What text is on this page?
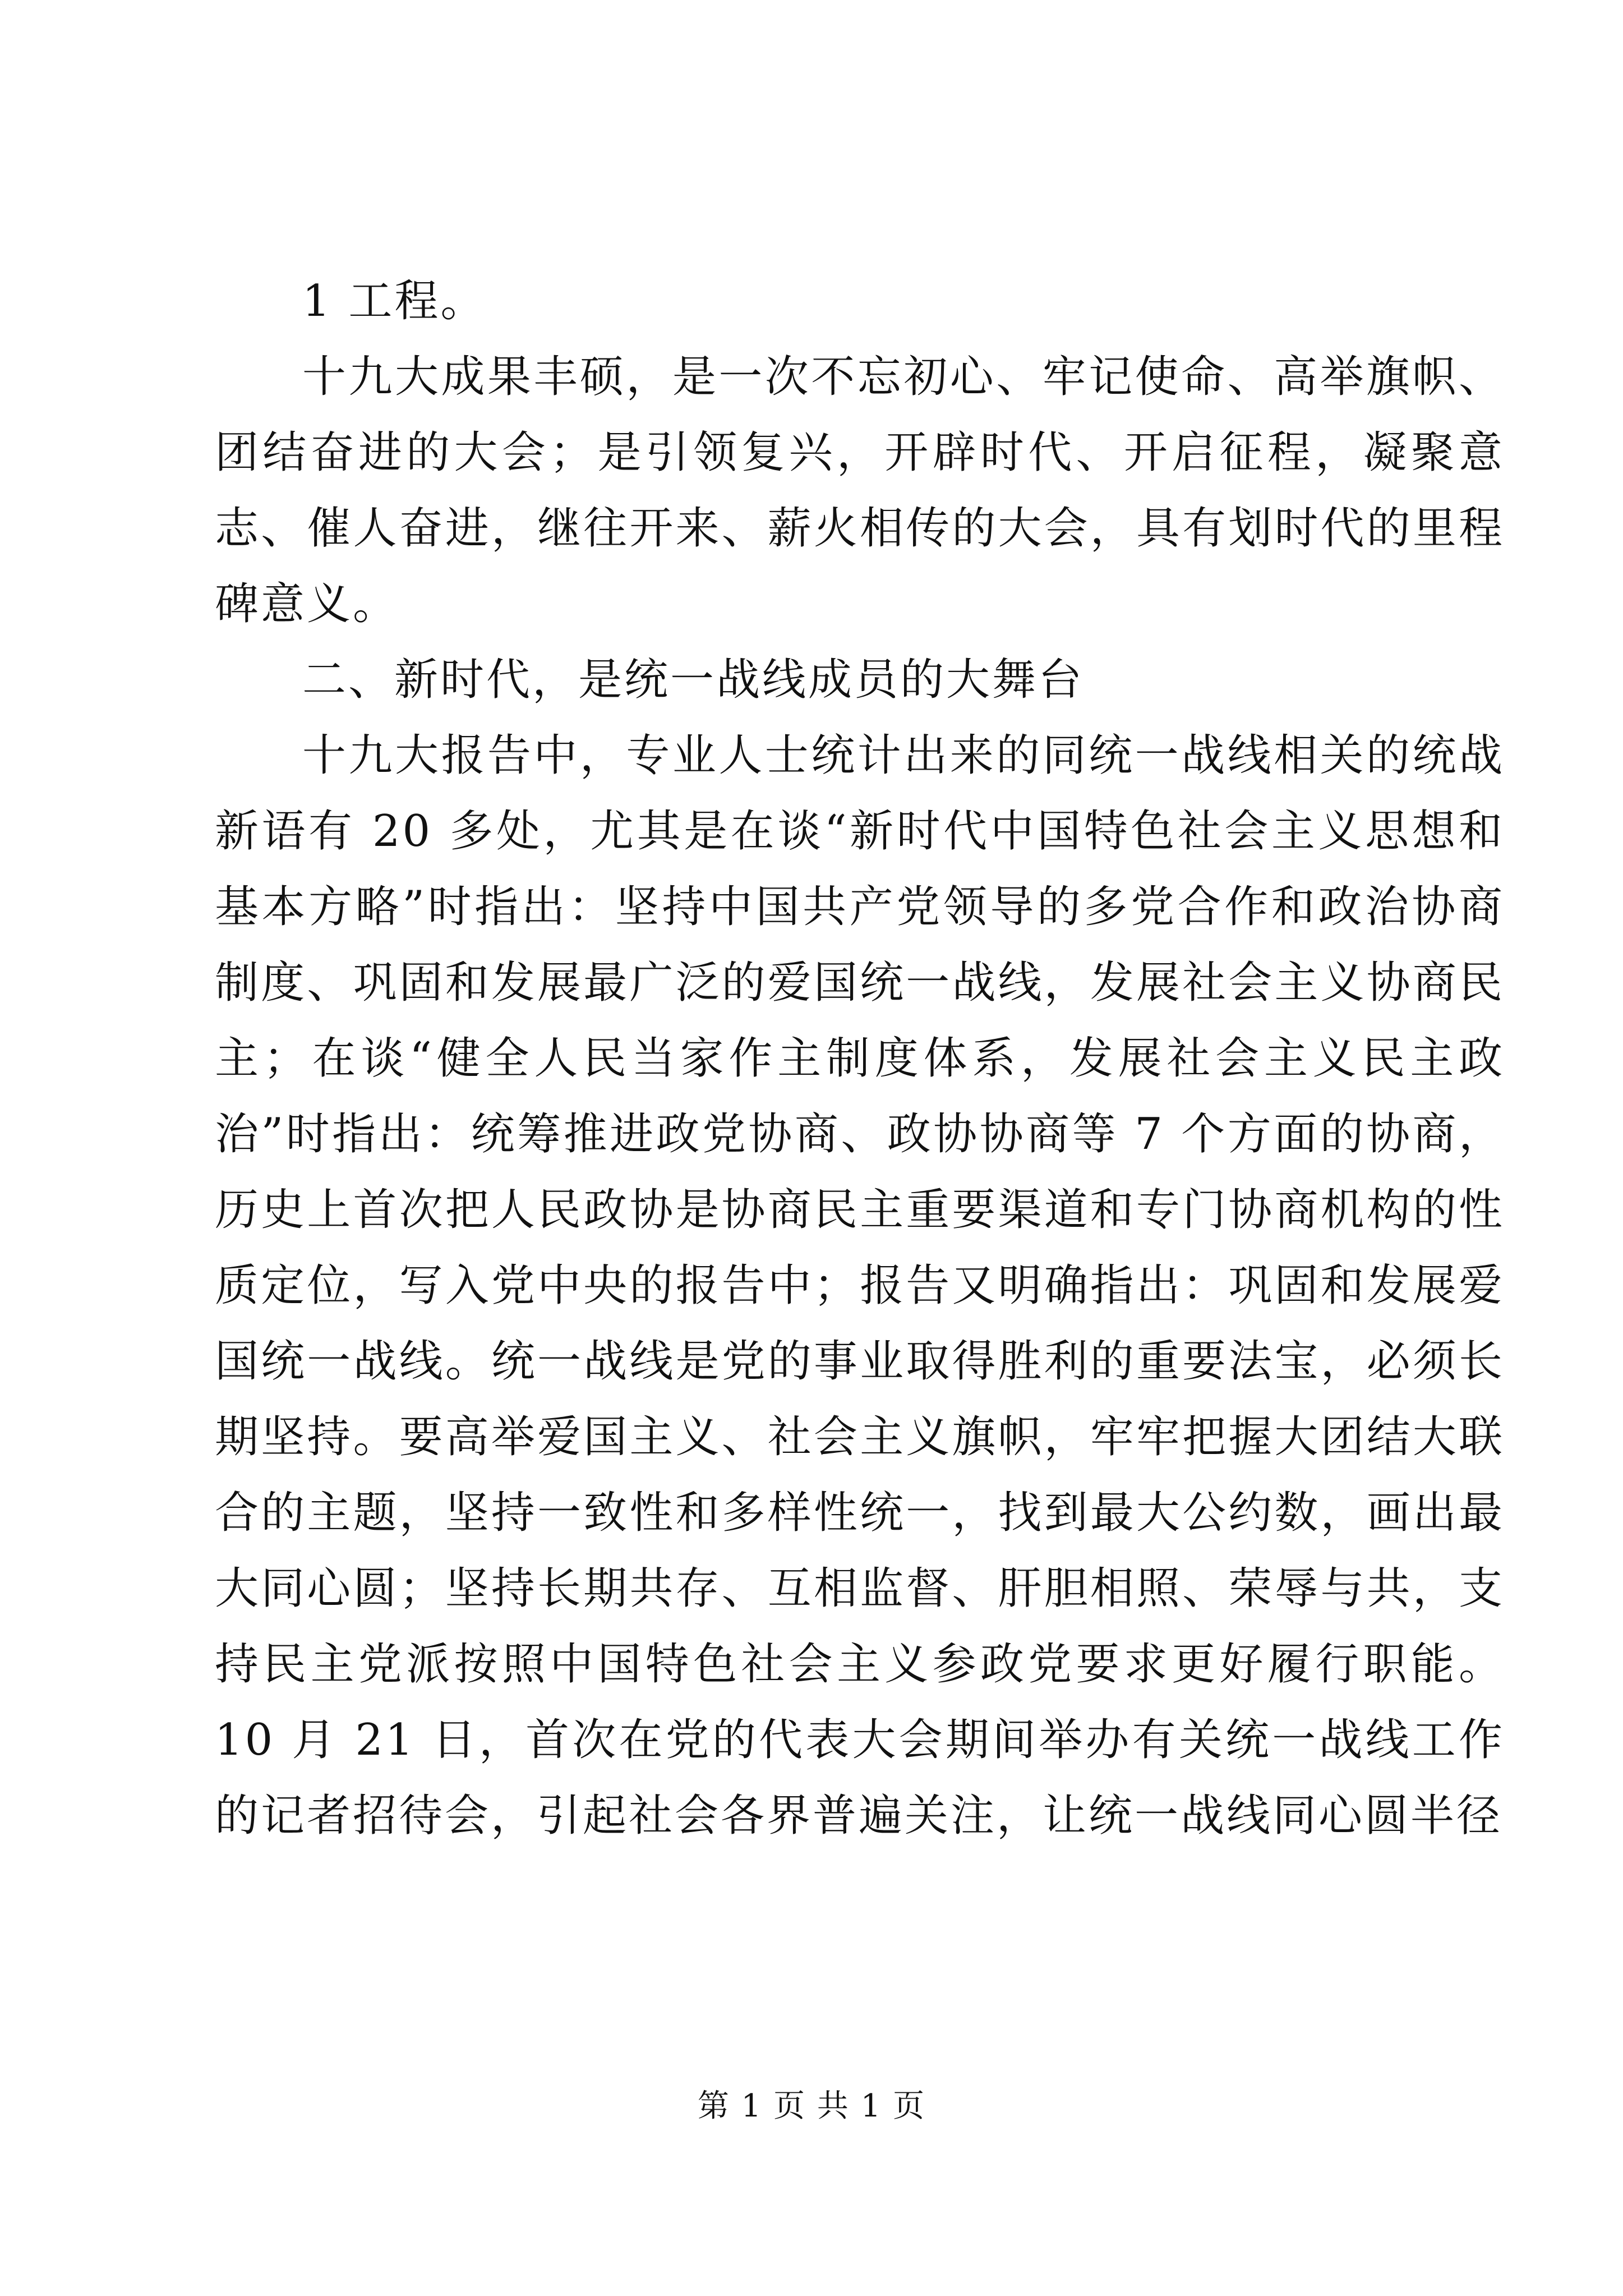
1 工程。

十九大成果丰硕，是一次不忘初心、牢记使命、高举旗帜、团结奋进的大会；是引领复兴，开辟时代、开启征程，凝聚意志、催人奋进，继往开来、薪火相传的大会，具有划时代的里程碑意义。

二、新时代，是统一战线成员的大舞台

十九大报告中，专业人士统计出来的同统一战线相关的统战新语有 20 多处，尤其是在谈“新时代中国特色社会主义思想和基本方略”时指出：坚持中国共产党领导的多党合作和政治协商制度、巩固和发展最广泛的爱国统一战线，发展社会主义协商民主；在谈“健全人民当家作主制度体系，发展社会主义民主政治”时指出：统筹推进政党协商、政协协商等 7 个方面的协商，历史上首次把人民政协是协商民主重要渠道和专门协商机构的性质定位，写入党中央的报告中；报告又明确指出：巩固和发展爱国统一战线。统一战线是党的事业取得胜利的重要法宝，必须长期坚持。要高举爱国主义、社会主义旗帜，牢牢把握大团结大联合的主题，坚持一致性和多样性统一，找到最大公约数，画出最大同心圆；坚持长期共存、互相监督、肝胆相照、荣辱与共，支持民主党派按照中国特色社会主义参政党要求更好履行职能。10 月 21 日，首次在党的代表大会期间举办有关统一战线工作的记者招待会，引起社会各界普遍关注，让统一战线同心圆半径

第 1 页 共 1 页
